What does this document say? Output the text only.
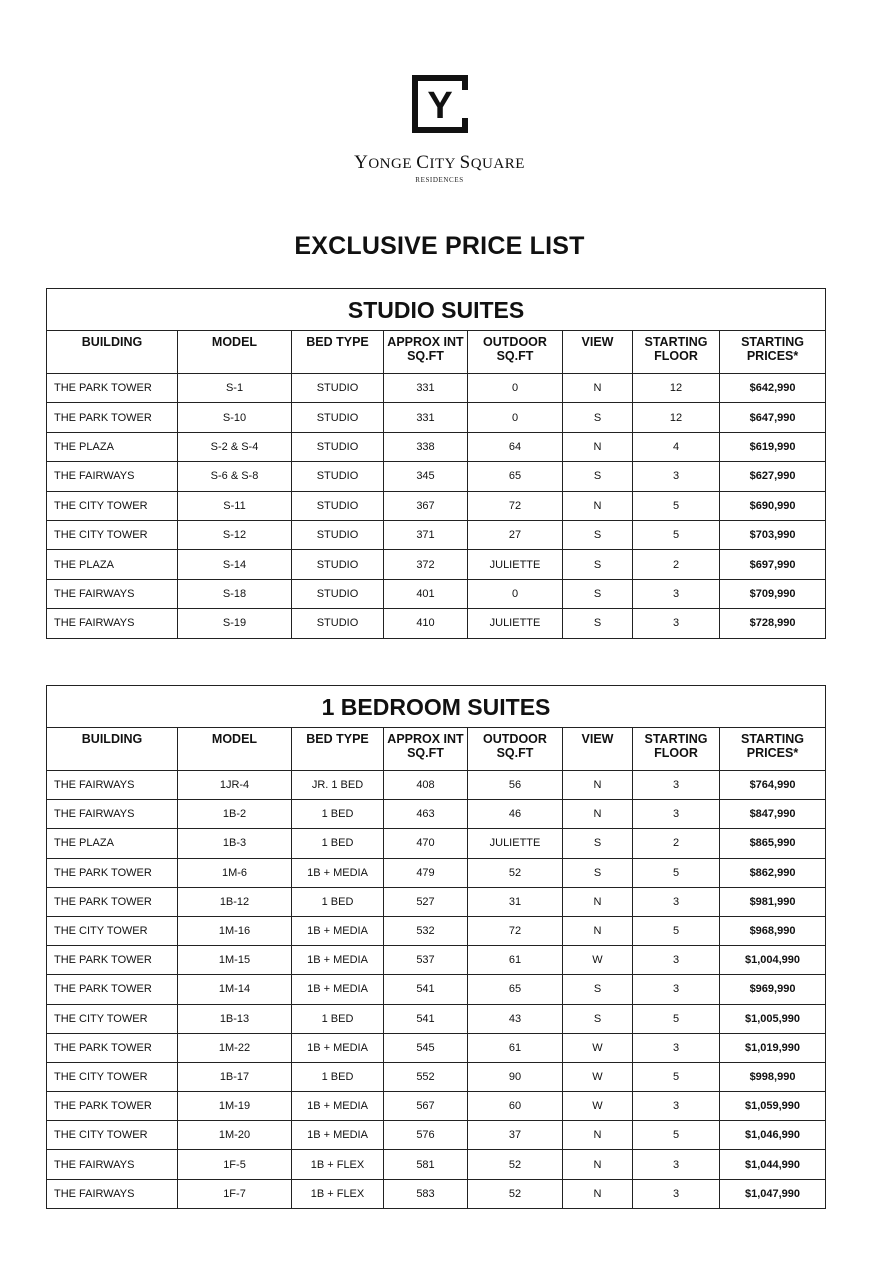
Y
YONGE CITY SQUARE
RESIDENCES
EXCLUSIVE PRICE LIST
STUDIO SUITES							
BUILDING	MODEL	BED TYPE	APPROX INT SQ.FT	OUTDOOR SQ.FT	VIEW	STARTING FLOOR	STARTING PRICES*
THE PARK TOWER	S-1	STUDIO	331	0	N	12	$642,990
THE PARK TOWER	S-10	STUDIO	331	0	S	12	$647,990
THE PLAZA	S-2 & S-4	STUDIO	338	64	N	4	$619,990
THE FAIRWAYS	S-6 & S-8	STUDIO	345	65	S	3	$627,990
THE CITY TOWER	S-11	STUDIO	367	72	N	5	$690,990
THE CITY TOWER	S-12	STUDIO	371	27	S	5	$703,990
THE PLAZA	S-14	STUDIO	372	JULIETTE	S	2	$697,990
THE FAIRWAYS	S-18	STUDIO	401	0	S	3	$709,990
THE FAIRWAYS	S-19	STUDIO	410	JULIETTE	S	3	$728,990
1 BEDROOM SUITES							
BUILDING	MODEL	BED TYPE	APPROX INT SQ.FT	OUTDOOR SQ.FT	VIEW	STARTING FLOOR	STARTING PRICES*
THE FAIRWAYS	1JR-4	JR. 1 BED	408	56	N	3	$764,990
THE FAIRWAYS	1B-2	1 BED	463	46	N	3	$847,990
THE PLAZA	1B-3	1 BED	470	JULIETTE	S	2	$865,990
THE PARK TOWER	1M-6	1B + MEDIA	479	52	S	5	$862,990
THE PARK TOWER	1B-12	1 BED	527	31	N	3	$981,990
THE CITY TOWER	1M-16	1B + MEDIA	532	72	N	5	$968,990
THE PARK TOWER	1M-15	1B + MEDIA	537	61	W	3	$1,004,990
THE PARK TOWER	1M-14	1B + MEDIA	541	65	S	3	$969,990
THE CITY TOWER	1B-13	1 BED	541	43	S	5	$1,005,990
THE PARK TOWER	1M-22	1B + MEDIA	545	61	W	3	$1,019,990
THE CITY TOWER	1B-17	1 BED	552	90	W	5	$998,990
THE PARK TOWER	1M-19	1B + MEDIA	567	60	W	3	$1,059,990
THE CITY TOWER	1M-20	1B + MEDIA	576	37	N	5	$1,046,990
THE FAIRWAYS	1F-5	1B + FLEX	581	52	N	3	$1,044,990
THE FAIRWAYS	1F-7	1B + FLEX	583	52	N	3	$1,047,990
